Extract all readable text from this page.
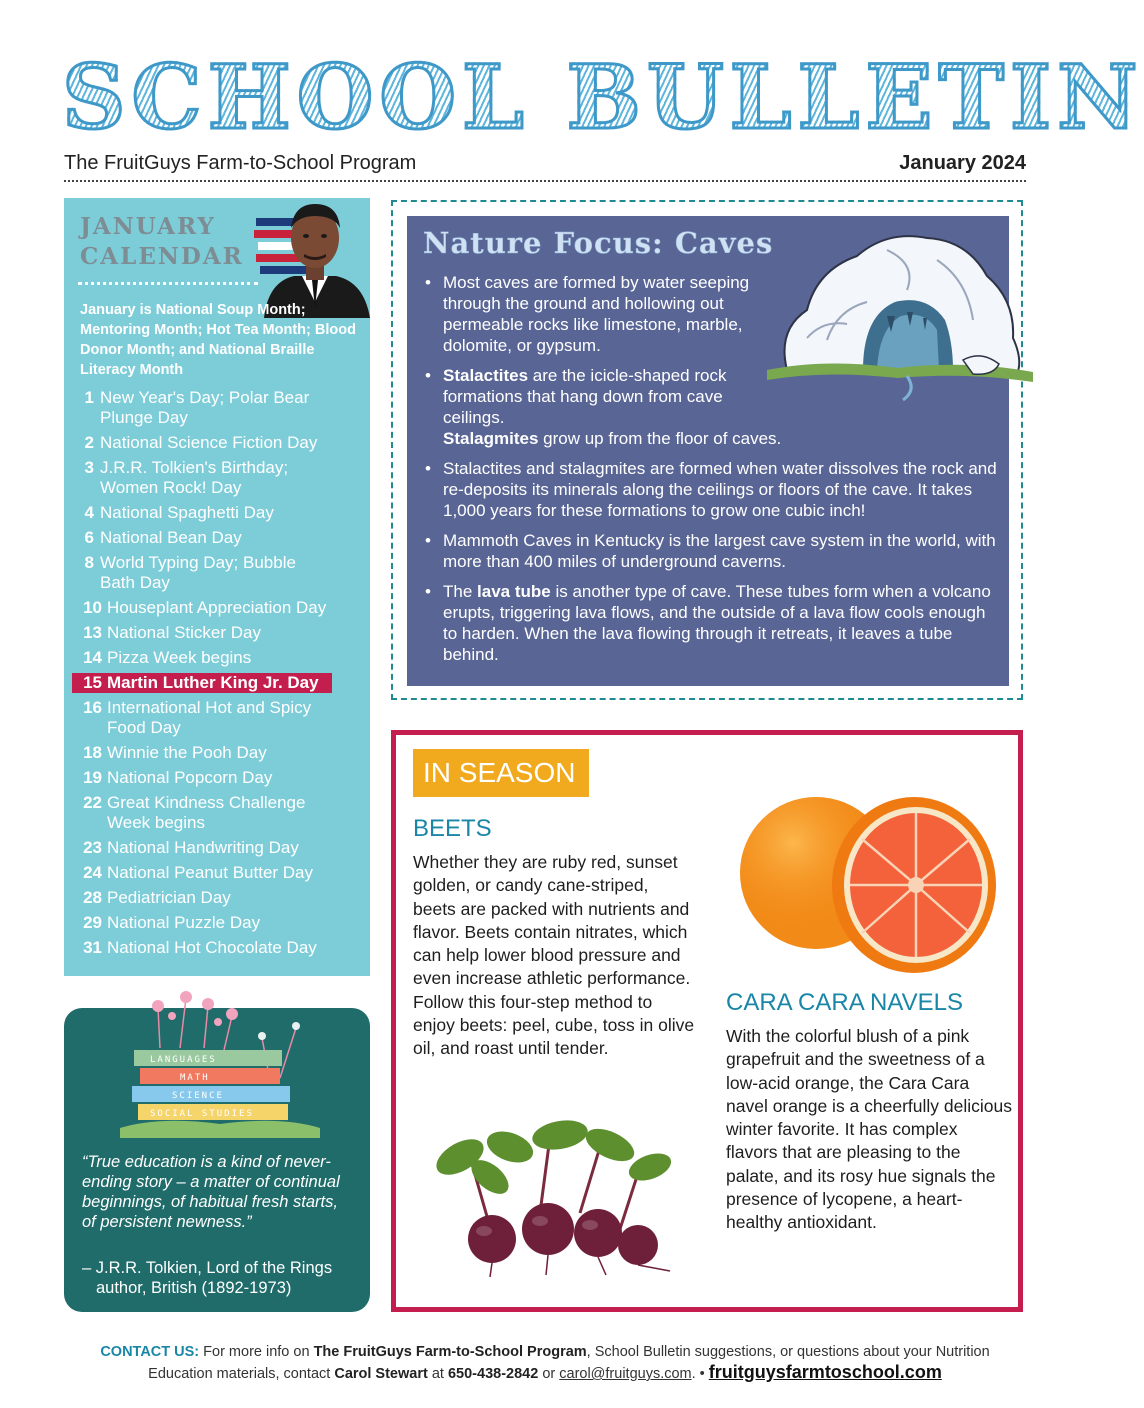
SCHOOL BULLETIN
The FruitGuys Farm-to-School Program	January 2024
JANUARY
CALENDAR
January is National Soup Month; Mentoring Month; Hot Tea Month; Blood Donor Month; and National Braille Literacy Month
1 New Year's Day; Polar Bear Plunge Day
2 National Science Fiction Day
3 J.R.R. Tolkien's Birthday; Women Rock! Day
4 National Spaghetti Day
6 National Bean Day
8 World Typing Day; Bubble Bath Day
10 Houseplant Appreciation Day
13 National Sticker Day
14 Pizza Week begins
15 Martin Luther King Jr. Day
16 International Hot and Spicy Food Day
18 Winnie the Pooh Day
19 National Popcorn Day
22 Great Kindness Challenge Week begins
23 National Handwriting Day
24 National Peanut Butter Day
28 Pediatrician Day
29 National Puzzle Day
31 National Hot Chocolate Day
LANGUAGES
MATH
SCIENCE
SOCIAL STUDIES
“True education is a kind of never-ending story – a matter of continual beginnings, of habitual fresh starts, of persistent newness.”
– J.R.R. Tolkien, Lord of the Rings author, British (1892-1973)
Nature Focus: Caves
• Most caves are formed by water seeping through the ground and hollowing out permeable rocks like limestone, marble, dolomite, or gypsum.
• Stalactites are the icicle-shaped rock formations that hang down from cave ceilings.
Stalagmites grow up from the floor of caves.
• Stalactites and stalagmites are formed when water dissolves the rock and re-deposits its minerals along the ceilings or floors of the cave. It takes 1,000 years for these formations to grow one cubic inch!
• Mammoth Caves in Kentucky is the largest cave system in the world, with more than 400 miles of underground caverns.
• The lava tube is another type of cave. These tubes form when a volcano erupts, triggering lava flows, and the outside of a lava flow cools enough to harden. When the lava flowing through it retreats, it leaves a tube behind.
IN SEASON
BEETS
Whether they are ruby red, sunset golden, or candy cane-striped, beets are packed with nutrients and flavor. Beets contain nitrates, which can help lower blood pressure and even increase athletic performance. Follow this four-step method to enjoy beets: peel, cube, toss in olive oil, and roast until tender.
CARA CARA NAVELS
With the colorful blush of a pink grapefruit and the sweetness of a low-acid orange, the Cara Cara navel orange is a cheerfully delicious winter favorite. It has complex flavors that are pleasing to the palate, and its rosy hue signals the presence of lycopene, a heart-healthy antioxidant.
CONTACT US: For more info on The FruitGuys Farm-to-School Program, School Bulletin suggestions, or questions about your Nutrition Education materials, contact Carol Stewart at 650-438-2842 or carol@fruitguys.com. • fruitguysfarmtoschool.com
